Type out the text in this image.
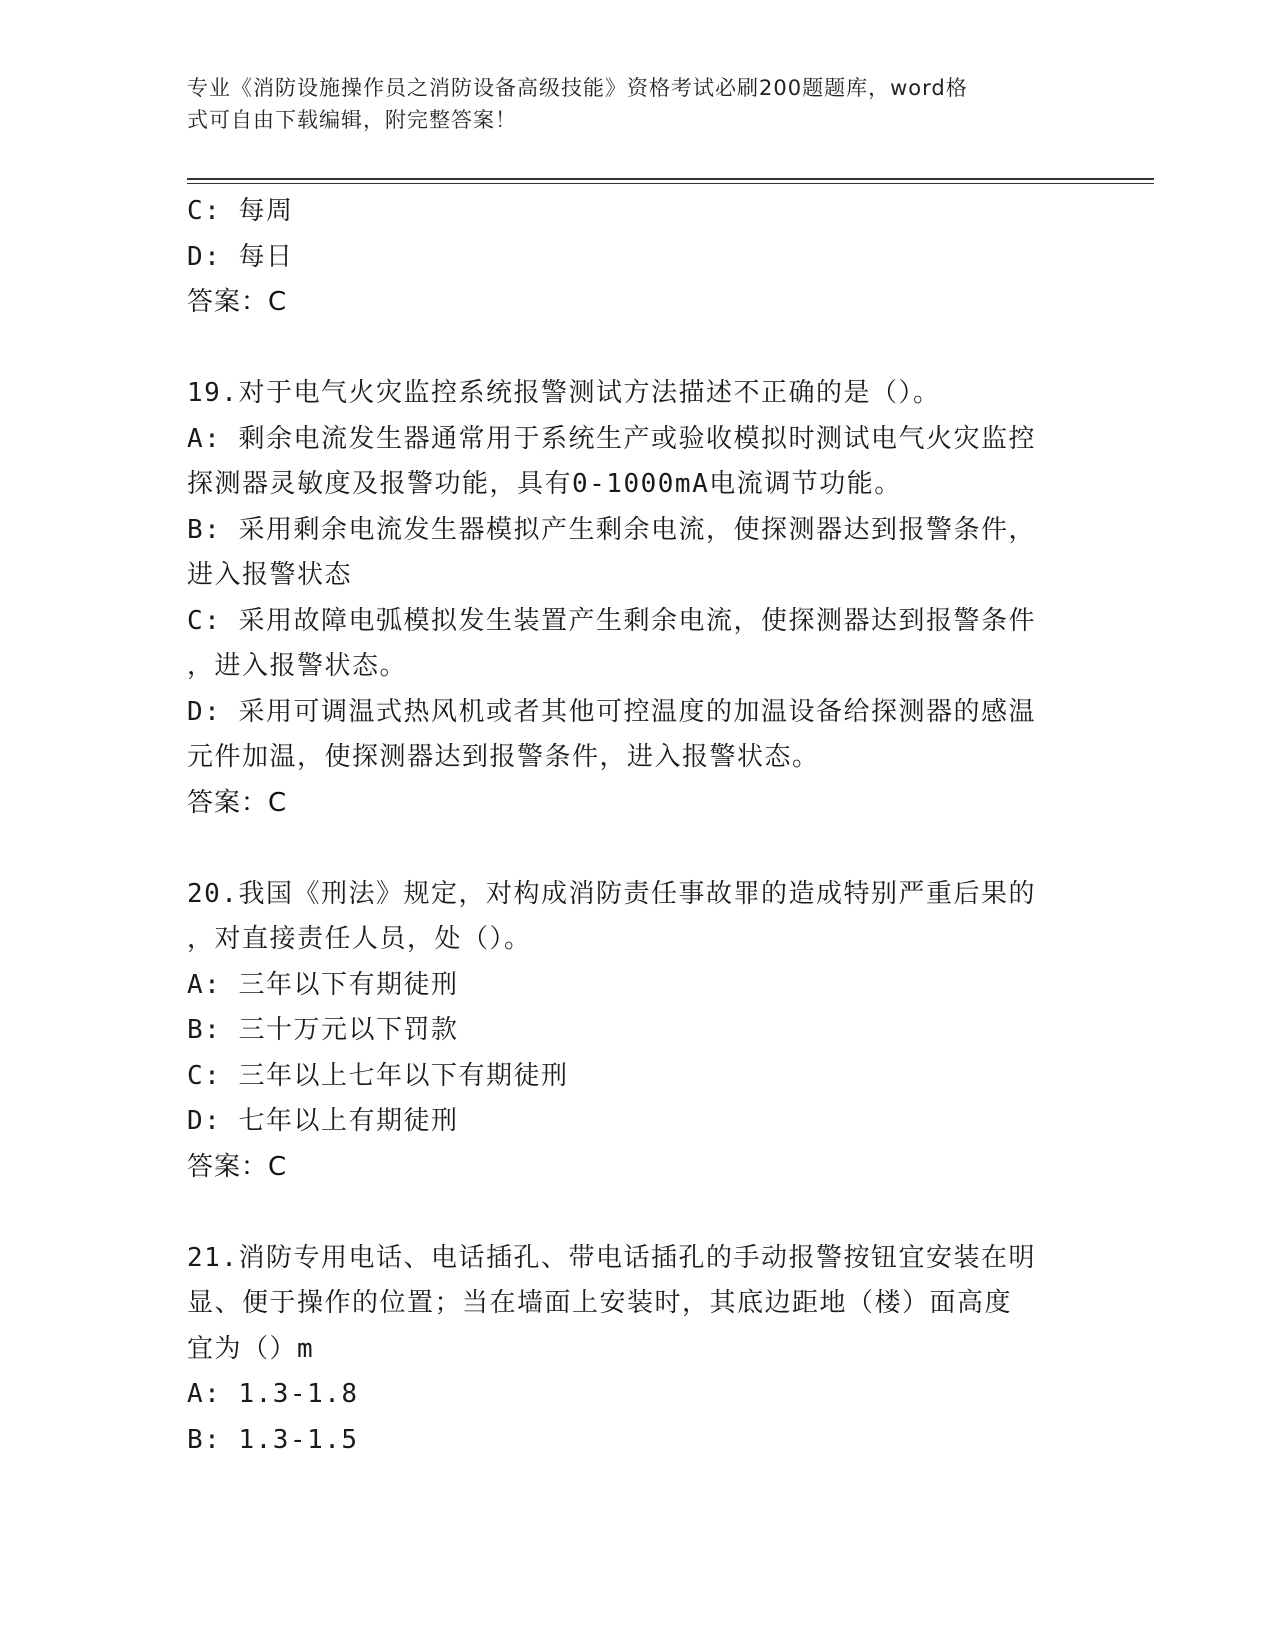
专业《消防设施操作员之消防设备高级技能》资格考试必刷200题题库，word格
式可自由下载编辑，附完整答案！
C: 每周
D: 每日
答案：C
19.对于电气火灾监控系统报警测试方法描述不正确的是（）。
A: 剩余电流发生器通常用于系统生产或验收模拟时测试电气火灾监控
探测器灵敏度及报警功能，具有0-1000mA电流调节功能。
B: 采用剩余电流发生器模拟产生剩余电流，使探测器达到报警条件，
进入报警状态
C: 采用故障电弧模拟发生装置产生剩余电流，使探测器达到报警条件
，进入报警状态。
D: 采用可调温式热风机或者其他可控温度的加温设备给探测器的感温
元件加温，使探测器达到报警条件，进入报警状态。
答案：C
20.我国《刑法》规定，对构成消防责任事故罪的造成特别严重后果的
，对直接责任人员，处（）。
A: 三年以下有期徒刑
B: 三十万元以下罚款
C: 三年以上七年以下有期徒刑
D: 七年以上有期徒刑
答案：C
21.消防专用电话、电话插孔、带电话插孔的手动报警按钮宜安装在明
显、便于操作的位置；当在墙面上安装时，其底边距地（楼）面高度
宜为（）m
A: 1.3-1.8
B: 1.3-1.5
